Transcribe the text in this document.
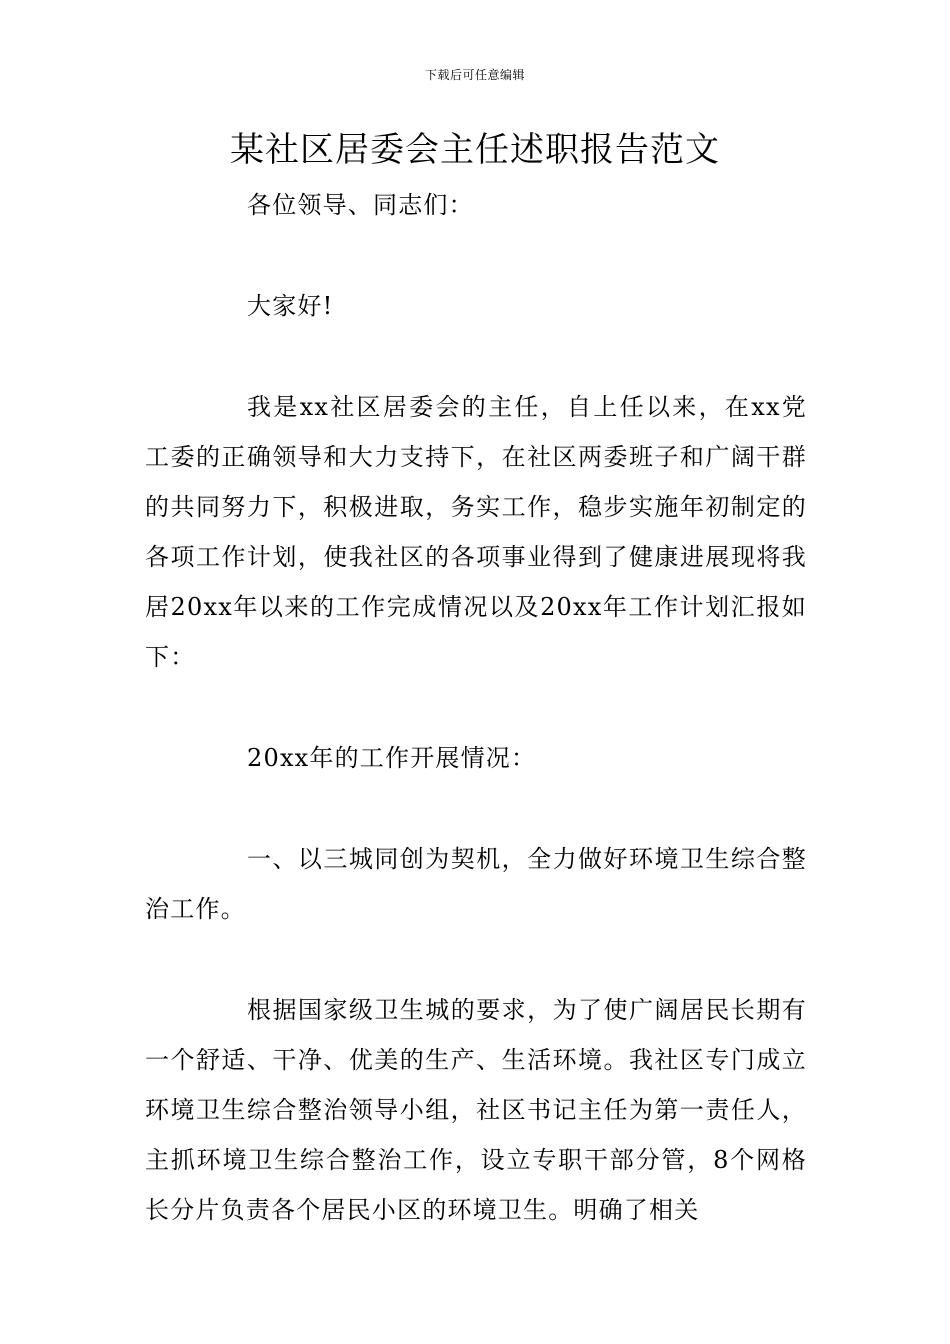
下载后可任意编辑
某社区居委会主任述职报告范文

各位领导、同志们：

大家好!

我是xx社区居委会的主任，自上任以来，在xx党工委的正确领导和大力支持下，在社区两委班子和广阔干群的共同努力下，积极进取，务实工作，稳步实施年初制定的各项工作计划，使我社区的各项事业得到了健康进展现将我居20xx年以来的工作完成情况以及20xx年工作计划汇报如下：

20xx年的工作开展情况：

一、以三城同创为契机，全力做好环境卫生综合整治工作。

根据国家级卫生城的要求，为了使广阔居民长期有一个舒适、干净、优美的生产、生活环境。我社区专门成立环境卫生综合整治领导小组，社区书记主任为第一责任人，主抓环境卫生综合整治工作，设立专职干部分管，8个网格长分片负责各个居民小区的环境卫生。明确了相关
